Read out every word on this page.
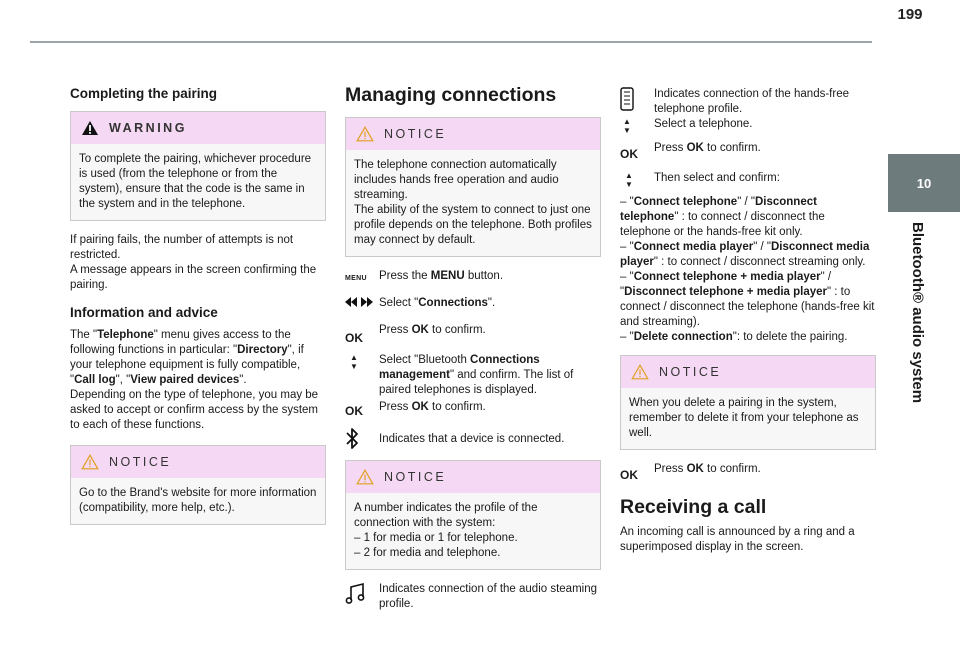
199
10
Bluetooth® audio system
Completing the pairing
WARNING

To complete the pairing, whichever procedure is used (from the telephone or from the system), ensure that the code is the same in the system and in the telephone.

If pairing fails, the number of attempts is not restricted.

A message appears in the screen confirming the pairing.

Information and advice

The "Telephone" menu gives access to the following functions in particular: "Directory", if your telephone equipment is fully compatible, "Call log", "View paired devices".

Depending on the type of telephone, you may be asked to accept or confirm access by the system to each of these functions.

NOTICE

Go to the Brand's website for more information (compatibility, more help, etc.).

Managing connections
NOTICE

The telephone connection automatically includes hands free operation and audio streaming.

The ability of the system to connect to just one profile depends on the telephone. Both profiles may connect by default.

MENU Press the MENU button.

Select "Connections".

OK

Press OK to confirm.

▲
▼

Select "Bluetooth Connections management" and confirm. The list of paired telephones is displayed.

OK Press OK to confirm.

Indicates that a device is connected.

NOTICE

A number indicates the profile of the connection with the system:

– 1 for media or 1 for telephone.

– 2 for media and telephone.

Indicates connection of the audio steaming profile.

▲
▼

Indicates connection of the hands-free telephone profile.

Select a telephone.

OK Press OK to confirm.

▲
▼

Then select and confirm:

– "Connect telephone" / "Disconnect telephone" : to connect / disconnect the telephone or the hands-free kit only.

– "Connect media player" / "Disconnect media player" : to connect / disconnect streaming only.

– "Connect telephone + media player" / "Disconnect telephone + media player" : to connect / disconnect the telephone (hands-free kit and streaming).

– "Delete connection": to delete the pairing.

NOTICE

When you delete a pairing in the system, remember to delete it from your telephone as well.

OK Press OK to confirm.

Receiving a call

An incoming call is announced by a ring and a superimposed display in the screen.
